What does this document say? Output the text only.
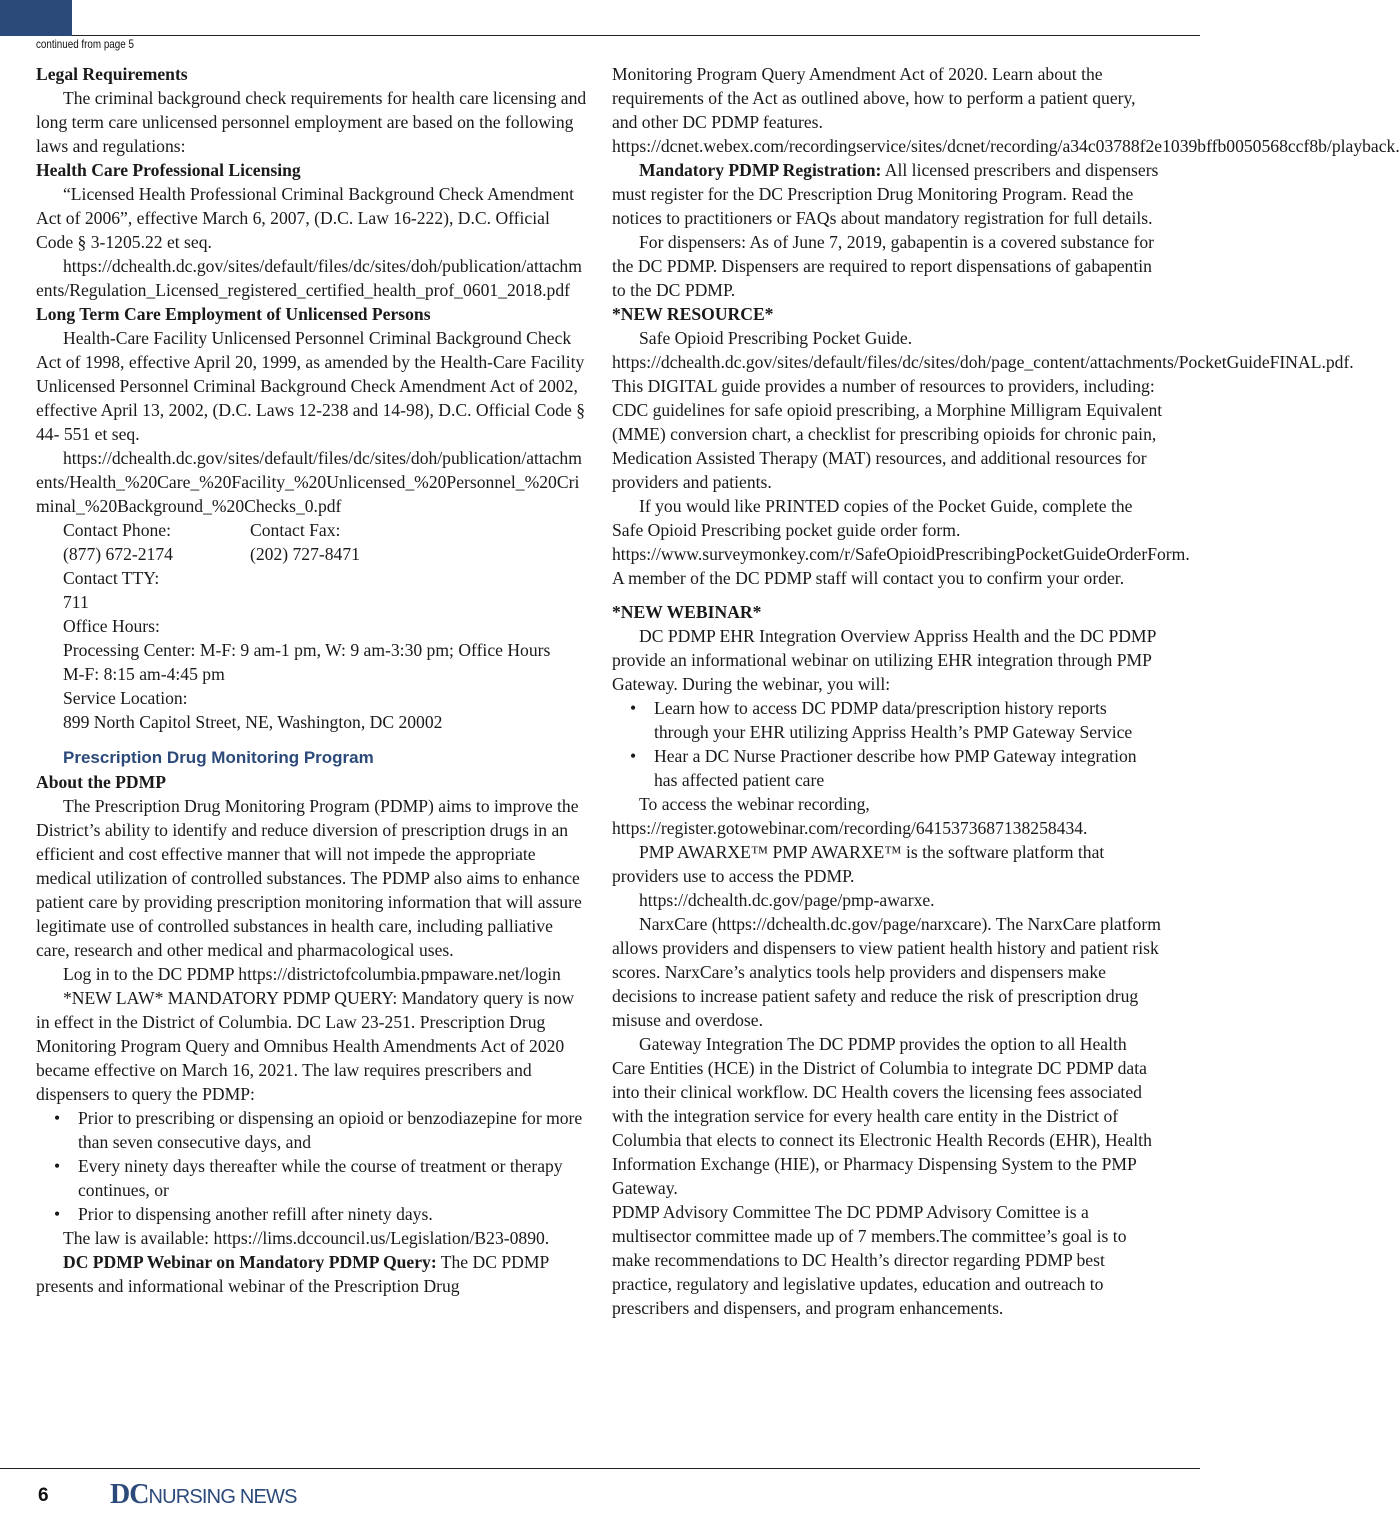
continued from page 5

Legal Requirements

The criminal background check requirements for health care licensing and long term care unlicensed personnel employment are based on the following laws and regulations:

Health Care Professional Licensing

“Licensed Health Professional Criminal Background Check Amendment Act of 2006”, effective March 6, 2007, (D.C. Law 16-222), D.C. Official Code § 3-1205.22 et seq.

https://dchealth.dc.gov/sites/default/files/dc/sites/doh/publication/attachments/Regulation_Licensed_registered_certified_health_prof_0601_2018.pdf

Long Term Care Employment of Unlicensed Persons

Health-Care Facility Unlicensed Personnel Criminal Background Check Act of 1998, effective April 20, 1999, as amended by the Health-Care Facility Unlicensed Personnel Criminal Background Check Amendment Act of 2002, effective April 13, 2002, (D.C. Laws 12-238 and 14-98), D.C. Official Code § 44- 551 et seq.

https://dchealth.dc.gov/sites/default/files/dc/sites/doh/publication/attachments/Health_%20Care_%20Facility_%20Unlicensed_%20Personnel_%20Criminal_%20Background_%20Checks_0.pdf

Contact Phone:	Contact Fax:
(877) 672-2174	(202) 727-8471

Contact TTY:

711

Office Hours:

Processing Center: M-F: 9 am-1 pm, W: 9 am-3:30 pm; Office Hours

M-F: 8:15 am-4:45 pm

Service Location:

899 North Capitol Street, NE, Washington, DC 20002

Prescription Drug Monitoring Program

About the PDMP

The Prescription Drug Monitoring Program (PDMP) aims to improve the District’s ability to identify and reduce diversion of prescription drugs in an efficient and cost effective manner that will not impede the appropriate medical utilization of controlled substances. The PDMP also aims to enhance patient care by providing prescription monitoring information that will assure legitimate use of controlled substances in health care, including palliative care, research and other medical and pharmacological uses.

Log in to the DC PDMP https://districtofcolumbia.pmpaware.net/login

*NEW LAW* MANDATORY PDMP QUERY: Mandatory query is now in effect in the District of Columbia. DC Law 23-251. Prescription Drug Monitoring Program Query and Omnibus Health Amendments Act of 2020 became effective on March 16, 2021. The law requires prescribers and dispensers to query the PDMP:

• Prior to prescribing or dispensing an opioid or benzodiazepine for more than seven consecutive days, and
• Every ninety days thereafter while the course of treatment or therapy continues, or
• Prior to dispensing another refill after ninety days.

The law is available: https://lims.dccouncil.us/Legislation/B23-0890.

DC PDMP Webinar on Mandatory PDMP Query: The DC PDMP presents and informational webinar of the Prescription Drug

Monitoring Program Query Amendment Act of 2020. Learn about the requirements of the Act as outlined above, how to perform a patient query, and other DC PDMP features. https://dcnet.webex.com/recordingservice/sites/dcnet/recording/a34c03788f2e1039bffb0050568ccf8b/playback.

Mandatory PDMP Registration: All licensed prescribers and dispensers must register for the DC Prescription Drug Monitoring Program. Read the notices to practitioners or FAQs about mandatory registration for full details.

For dispensers: As of June 7, 2019, gabapentin is a covered substance for the DC PDMP. Dispensers are required to report dispensations of gabapentin to the DC PDMP.

*NEW RESOURCE*

Safe Opioid Prescribing Pocket Guide. https://dchealth.dc.gov/sites/default/files/dc/sites/doh/page_content/attachments/PocketGuideFINAL.pdf. This DIGITAL guide provides a number of resources to providers, including: CDC guidelines for safe opioid prescribing, a Morphine Milligram Equivalent (MME) conversion chart, a checklist for prescribing opioids for chronic pain, Medication Assisted Therapy (MAT) resources, and additional resources for providers and patients.

If you would like PRINTED copies of the Pocket Guide, complete the Safe Opioid Prescribing pocket guide order form. https://www.surveymonkey.com/r/SafeOpioidPrescribingPocketGuideOrderForm. A member of the DC PDMP staff will contact you to confirm your order.

*NEW WEBINAR*

DC PDMP EHR Integration Overview Appriss Health and the DC PDMP provide an informational webinar on utilizing EHR integration through PMP Gateway. During the webinar, you will:

• Learn how to access DC PDMP data/prescription history reports through your EHR utilizing Appriss Health’s PMP Gateway Service
• Hear a DC Nurse Practioner describe how PMP Gateway integration has affected patient care

To access the webinar recording, https://register.gotowebinar.com/recording/6415373687138258434.

PMP AWARXE™ PMP AWARXE™ is the software platform that providers use to access the PDMP.

https://dchealth.dc.gov/page/pmp-awarxe.

NarxCare (https://dchealth.dc.gov/page/narxcare). The NarxCare platform allows providers and dispensers to view patient health history and patient risk scores. NarxCare’s analytics tools help providers and dispensers make decisions to increase patient safety and reduce the risk of prescription drug misuse and overdose.

Gateway Integration The DC PDMP provides the option to all Health Care Entities (HCE) in the District of Columbia to integrate DC PDMP data into their clinical workflow. DC Health covers the licensing fees associated with the integration service for every health care entity in the District of Columbia that elects to connect its Electronic Health Records (EHR), Health Information Exchange (HIE), or Pharmacy Dispensing System to the PMP Gateway.

PDMP Advisory Committee The DC PDMP Advisory Comittee is a multisector committee made up of 7 members.The committee’s goal is to make recommendations to DC Health’s director regarding PDMP best practice, regulatory and legislative updates, education and outreach to prescribers and dispensers, and program enhancements.

6 DC NURSING NEWS
